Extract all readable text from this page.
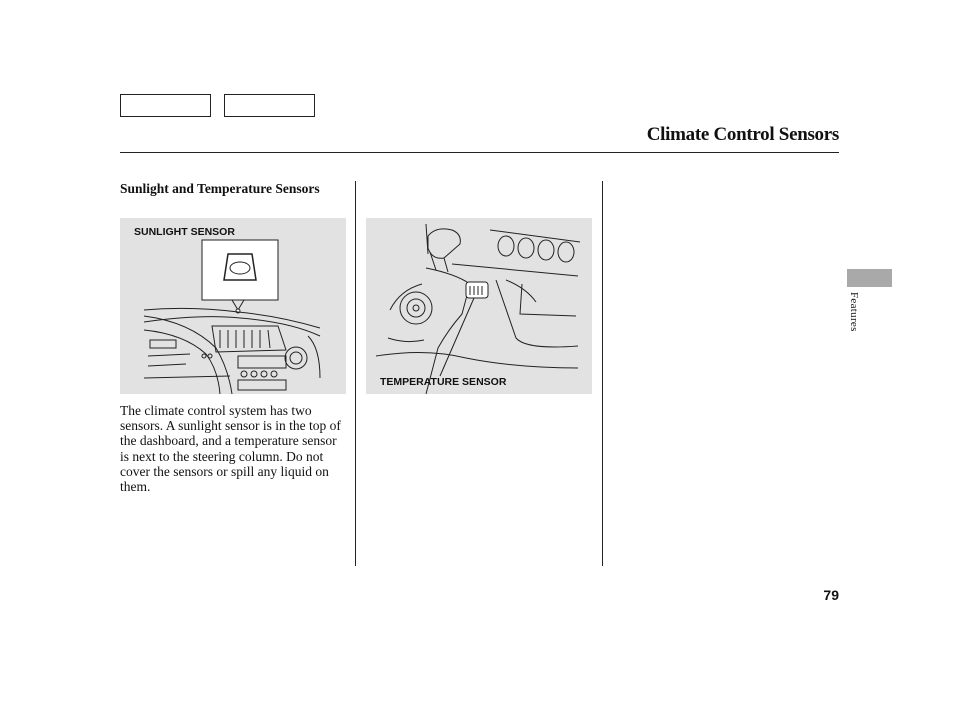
Climate Control Sensors
Sunlight and Temperature Sensors
SUNLIGHT SENSOR
TEMPERATURE SENSOR
The climate control system has two sensors. A sunlight sensor is in the top of the dashboard, and a temperature sensor is next to the steering column. Do not cover the sensors or spill any liquid on them.
Features
79
